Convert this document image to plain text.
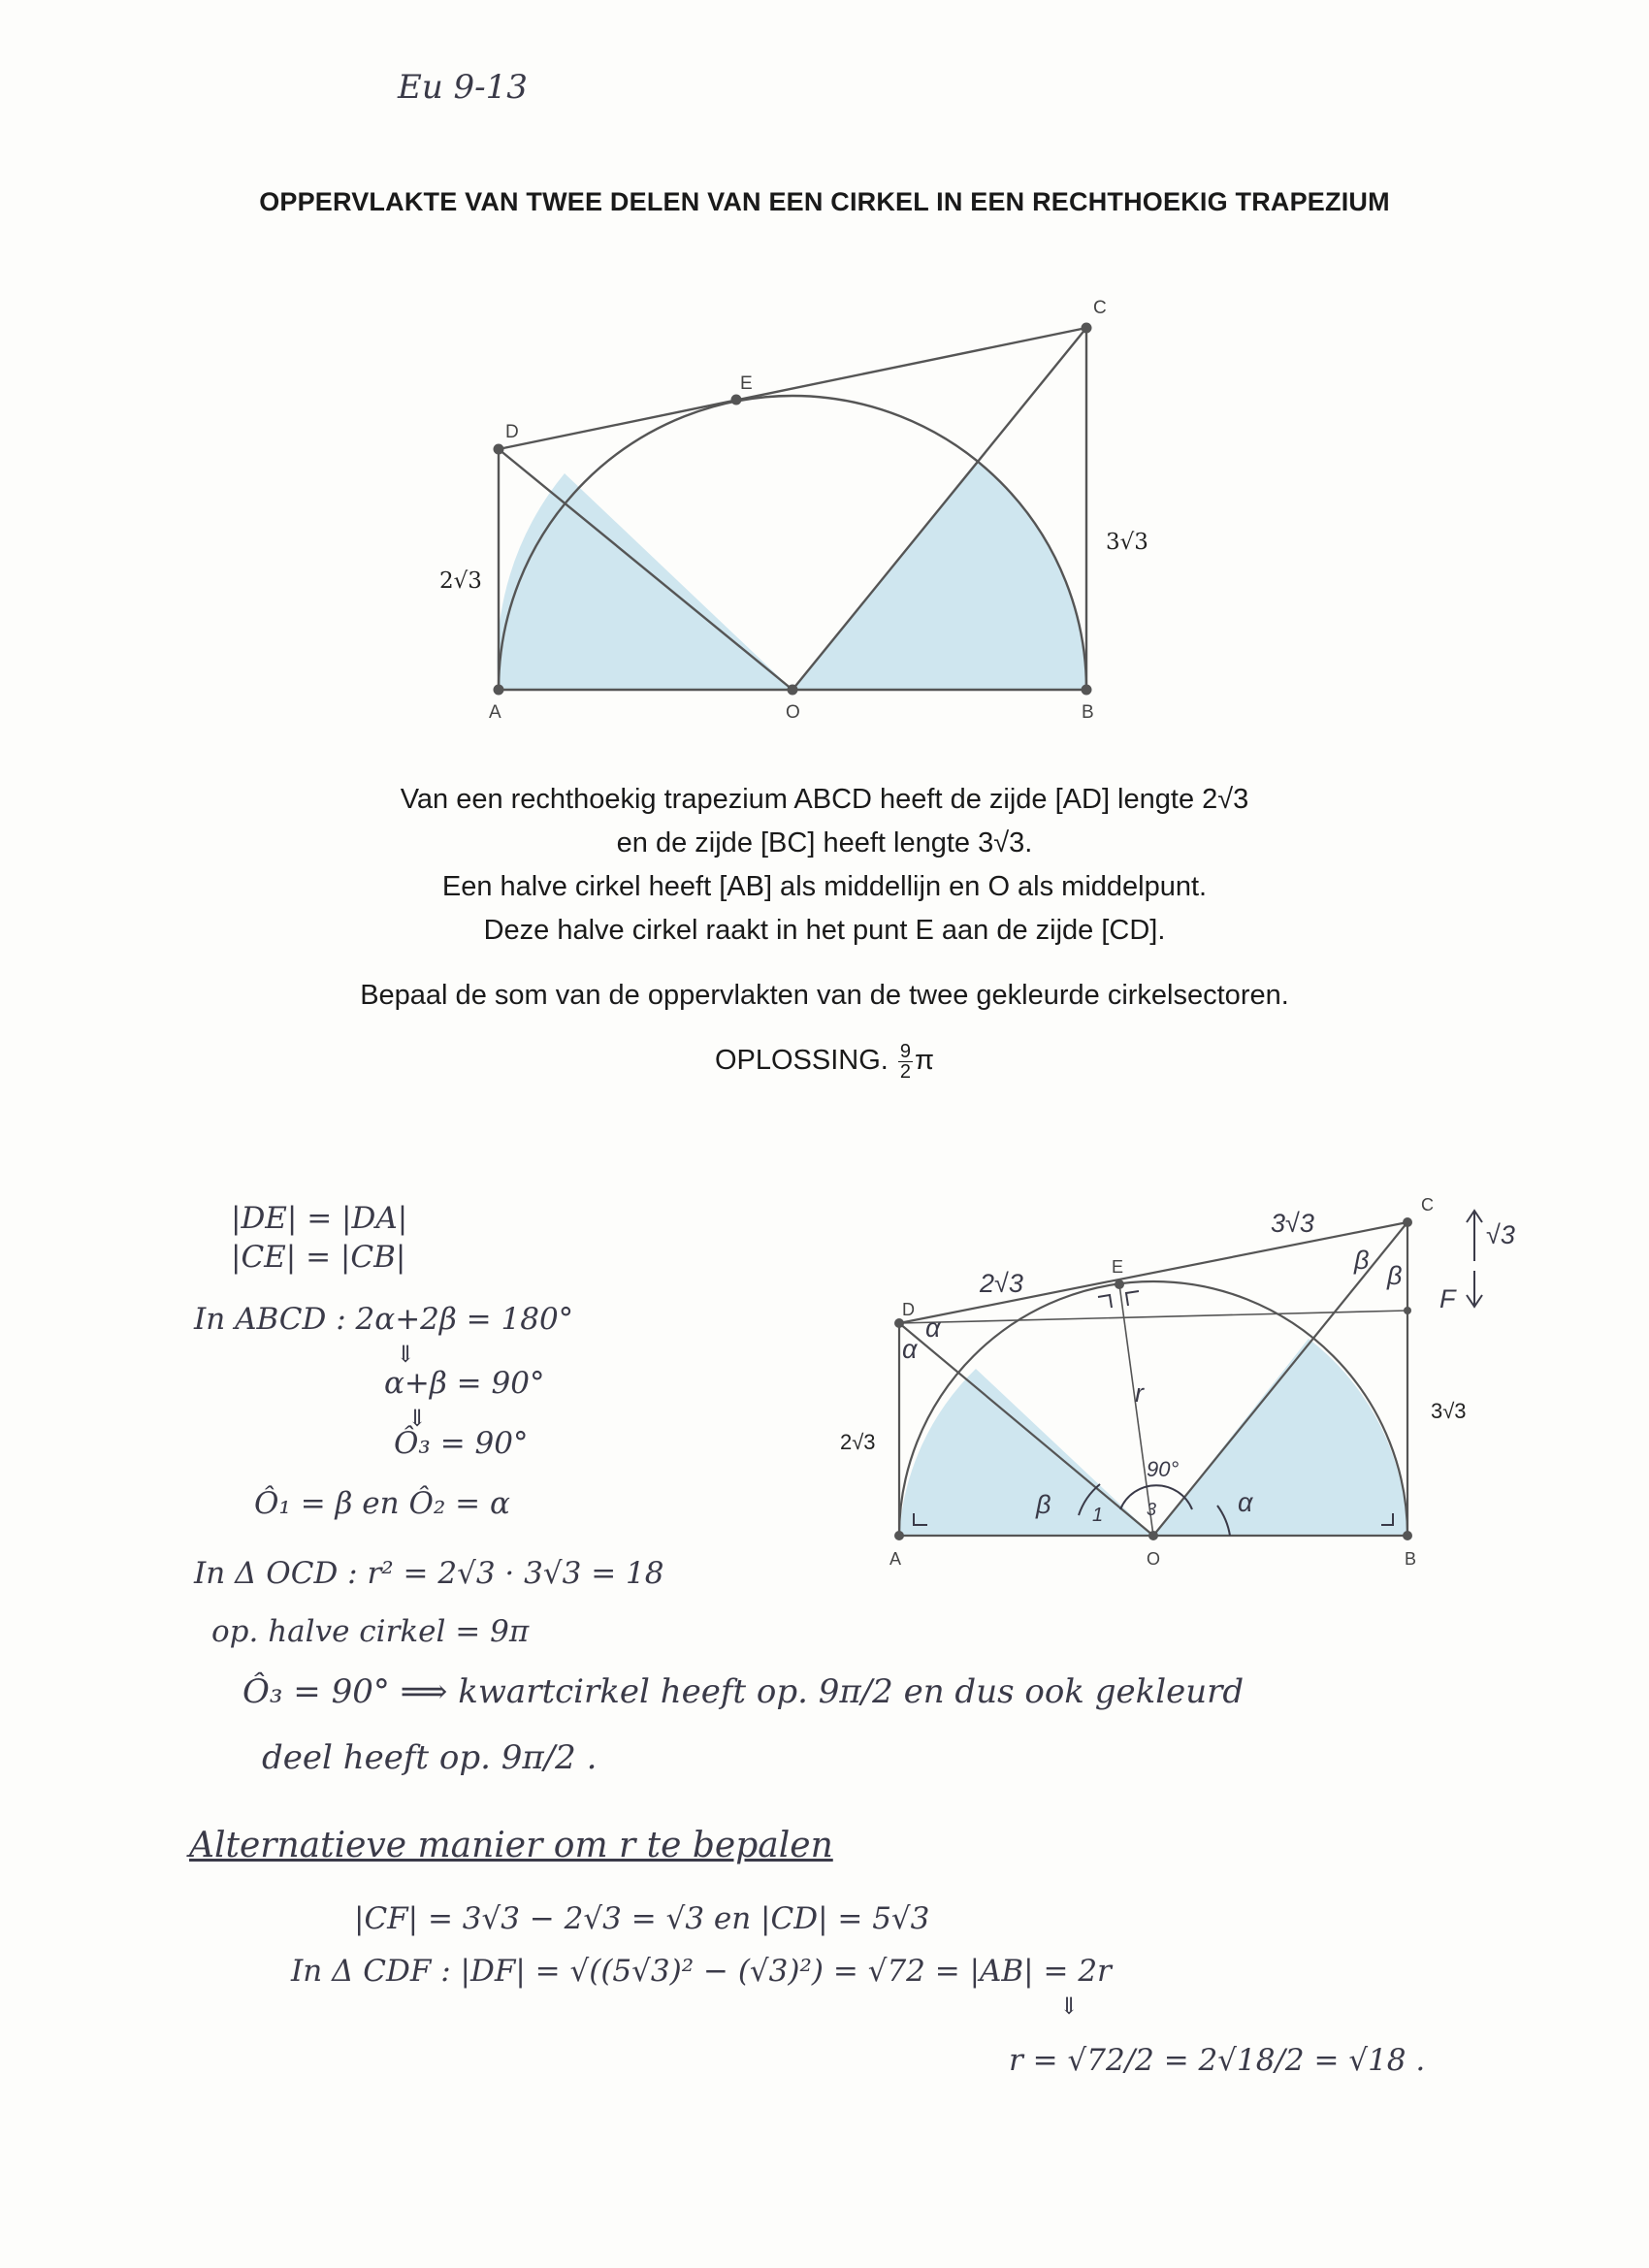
Eu 9-13
OPPERVLAKTE VAN TWEE DELEN VAN EEN CIRKEL IN EEN RECHTHOEKIG TRAPEZIUM
A	O	B
D
C
E
2√3
3√3
Van een rechthoekig trapezium ABCD heeft de zijde [AD] lengte 2√3
en de zijde [BC] heeft lengte 3√3.
Een halve cirkel heeft [AB] als middellijn en O als middelpunt.
Deze halve cirkel raakt in het punt E aan de zijde [CD].
Bepaal de som van de oppervlakten van de twee gekleurde cirkelsectoren.
OPLOSSING. $\frac{9}{2}$ π
A	O	B
D
C
E
2√3
3√3
2√3
3√3	√3
F
r
90°
α
β
β
β
α
α
1 3
|DE| = |DA|
|CE| = |CB|
In ABCD : 2α+2β = 180°
⇓
α+β = 90°
⇓
Ô₃ = 90°
Ô₁ = β en Ô₂ = α
In Δ OCD : r² = 2√3 · 3√3 = 18
op. halve cirkel = 9π
Ô₃ = 90° ⟹ kwartcirkel heeft op. 9π/2 en dus ook gekleurd
deel heeft op. 9π/2 .
Alternatieve manier om r te bepalen
|CF| = 3√3 − 2√3 = √3 en |CD| = 5√3
In Δ CDF : |DF| = √((5√3)² − (√3)²) = √72 = |AB| = 2r
⇓
r = √72/2 = 2√18/2 = √18 .
